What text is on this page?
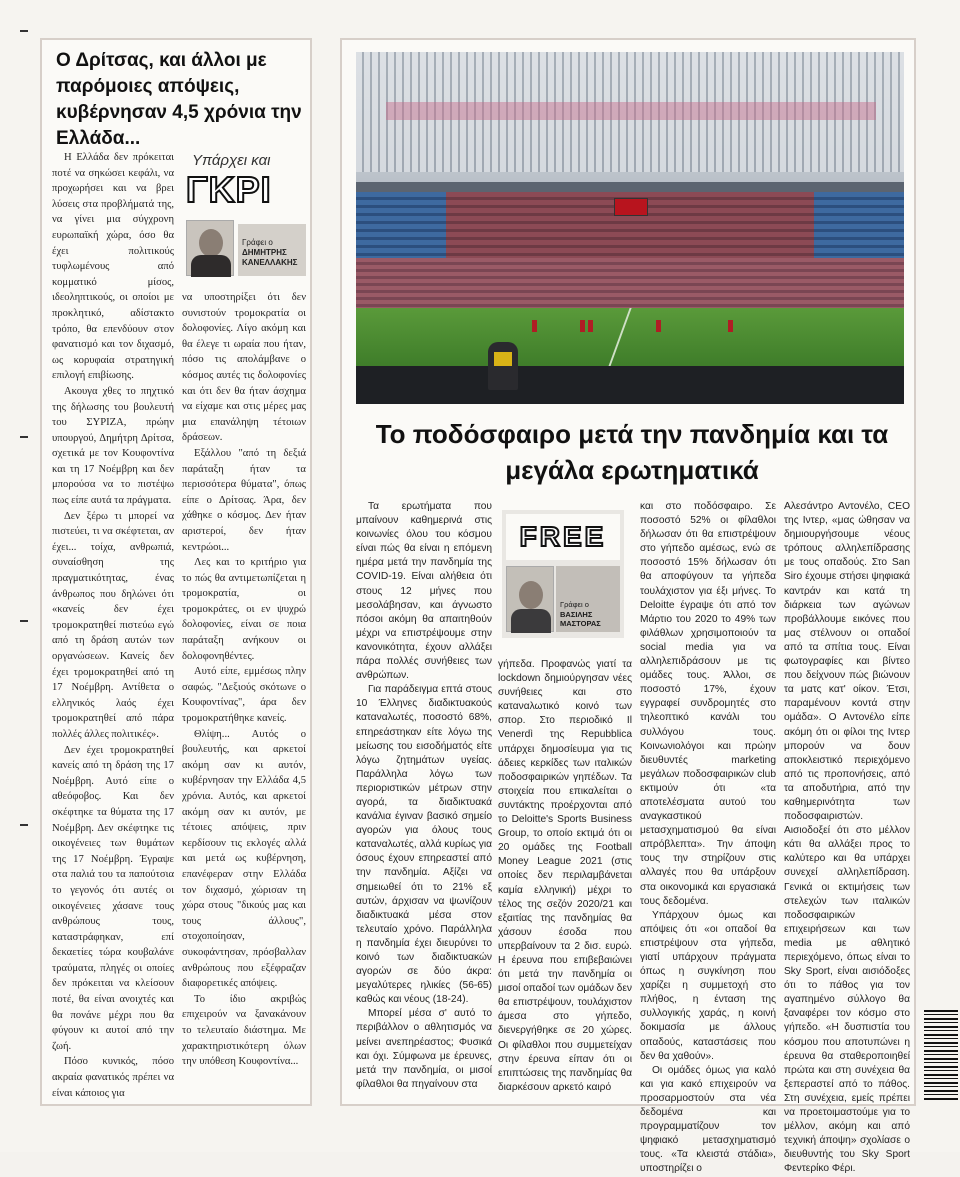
Ο Δρίτσας, και άλλοι με παρόμοιες απόψεις, κυβέρνησαν 4,5 χρόνια την Ελλάδα...

Η Ελλάδα δεν πρόκειται ποτέ να σηκώσει κεφάλι, να προχωρήσει και να βρει λύσεις στα προβλήματά της, να γίνει μια σύγχρονη ευρωπαϊκή χώρα, όσο θα έχει πολιτικούς τυφλωμένους από κομματικό μίσος, ιδεοληπτικούς, οι οποίοι με προκλητικό, αδίστακτο τρόπο, θα επενδύουν στον φανατισμό και τον διχασμό, ως κορυφαία στρατηγική επιλογή επιβίωσης.

Ακουγα χθες το πηχτικό της δήλωσης του βουλευτή του ΣΥΡΙΖΑ, πρώην υπουργού, Δημήτρη Δρίτσα, σχετικά με τον Κουφοντίνα και τη 17 Νοέμβρη και δεν μπορούσα να το πιστέψω πως είπε αυτά τα πράγματα.

Δεν ξέρω τι μπορεί να πιστεύει, τι να σκέφτεται, αν έχει... τοίχα, ανθρωπιά, συναίσθηση της πραγματικότητας, ένας άνθρωπος που δηλώνει ότι «κανείς δεν έχει τρομοκρατηθεί πιστεύω εγώ από τη δράση αυτών των οργανώσεων. Κανείς δεν έχει τρομοκρατηθεί από τη 17 Νοέμβρη. Αντίθετα ο ελληνικός λαός έχει τρομοκρατηθεί από πάρα πολλές άλλες πολιτικές».

Δεν έχει τρομοκρατηθεί κανείς από τη δράση της 17 Νοέμβρη. Αυτό είπε ο αθεόφοβος. Και δεν σκέφτηκε τα θύματα της 17 Νοέμβρη. Δεν σκέφτηκε τις οικογένειες των θυμάτων της 17 Νοέμβρη. Έγραψε στα παλιά του τα παπούτσια το γεγονός ότι αυτές οι οικογένειες χάσανε τους ανθρώπους τους, καταστράφηκαν, επί δεκαετίες τώρα κουβαλάνε τραύματα, πληγές οι οποίες δεν πρόκειται να κλείσουν ποτέ, θα είναι ανοιχτές και θα πονάνε μέχρι που θα φύγουν κι αυτοί από την ζωή.

Πόσο κυνικός, πόσο ακραία φανατικός πρέπει να είναι κάποιος για

Υπάρχει και
ΓΚΡΙ
Γράφει ο
ΔΗΜΗΤΡΗΣ ΚΑΝΕΛΛΑΚΗΣ

να υποστηρίξει ότι δεν συνιστούν τρομοκρατία οι δολοφονίες. Λίγο ακόμη και θα έλεγε τι ωραία που ήταν, πόσο τις απολάμβανε ο κόσμος αυτές τις δολοφονίες και ότι δεν θα ήταν άσχημα να είχαμε και στις μέρες μας μια επανάληψη τέτοιων δράσεων.

Εξάλλου "από τη δεξιά παράταξη ήταν τα περισσότερα θύματα", όπως είπε ο Δρίτσας. Άρα, δεν χάθηκε ο κόσμος. Δεν ήταν αριστεροί, δεν ήταν κεντρώοι...

Λες και το κριτήριο για το πώς θα αντιμετωπίζεται η τρομοκρατία, οι τρομοκράτες, οι εν ψυχρώ δολοφονίες, είναι σε ποια παράταξη ανήκουν οι δολοφονηθέντες.

Αυτό είπε, εμμέσως πλην σαφώς. "Δεξιούς σκότωνε ο Κουφοντίνας", άρα δεν τρομοκρατήθηκε κανείς.

Θλίψη... Αυτός ο βουλευτής, και αρκετοί ακόμη σαν κι αυτόν, κυβέρνησαν την Ελλάδα 4,5 χρόνια. Αυτός, και αρκετοί ακόμη σαν κι αυτόν, με τέτοιες απόψεις, πριν κερδίσουν τις εκλογές αλλά και μετά ως κυβέρνηση, επανέφεραν στην Ελλάδα τον διχασμό, χώρισαν τη χώρα στους "δικούς μας και τους άλλους", στοχοποίησαν, συκοφάντησαν, πρόσβαλλαν ανθρώπους που εξέφραζαν διαφορετικές απόψεις.

Το ίδιο ακριβώς επιχειρούν να ξανακάνουν το τελευταίο διάστημα. Με χαρακτηριστικότερη όλων την υπόθεση Κουφοντίνα...

Το ποδόσφαιρο μετά την πανδημία και τα μεγάλα ερωτηματικά

Τα ερωτήματα που μπαίνουν καθημερινά στις κοινωνίες όλου του κόσμου είναι πώς θα είναι η επόμενη ημέρα μετά την πανδημία της COVID-19. Είναι αλήθεια ότι στους 12 μήνες που μεσολάβησαν, και άγνωστο πόσοι ακόμη θα απαιτηθούν μέχρι να επιστρέψουμε στην κανονικότητα, έχουν αλλάξει πάρα πολλές συνήθειες των ανθρώπων.

Για παράδειγμα επτά στους 10 Έλληνες διαδικτυακούς καταναλωτές, ποσοστό 68%, επηρεάστηκαν είτε λόγω της μείωσης του εισοδήματός είτε λόγω ζητημάτων υγείας. Παράλληλα λόγω των περιοριστικών μέτρων στην αγορά, τα διαδικτυακά κανάλια έγιναν βασικό σημείο αγορών για όλους τους καταναλωτές, αλλά κυρίως για όσους έχουν επηρεαστεί από την πανδημία. Αξίζει να σημειωθεί ότι το 21% εξ αυτών, άρχισαν να ψωνίζουν διαδικτυακά μέσα στον τελευταίο χρόνο. Παράλληλα η πανδημία έχει διευρύνει το κοινό των διαδικτυακών αγορών σε δύο άκρα: μεγαλύτερες ηλικίες (56-65) καθώς και νέους (18-24).

Μπορεί μέσα σ' αυτό το περιβάλλον ο αθλητισμός να μείνει ανεπηρέαστος; Φυσικά και όχι. Σύμφωνα με έρευνες, μετά την πανδημία, οι μισοί φίλαθλοι θα πηγαίνουν στα

FREE
Γράφει ο
ΒΑΣΙΛΗΣ ΜΑΣΤΟΡΑΣ

γήπεδα. Προφανώς γιατί τα lockdown δημιούργησαν νέες συνήθειες και στο καταναλωτικό κοινό των σπορ. Στο περιοδικό Il Venerdì της Repubblica υπάρχει δημοσίευμα για τις άδειες κερκίδες των ιταλικών ποδοσφαιρικών γηπέδων. Τα στοιχεία που επικαλείται ο συντάκτης προέρχονται από το Deloitte's Sports Business Group, το οποίο εκτιμά ότι οι 20 ομάδες της Football Money League 2021 (στις οποίες δεν περιλαμβάνεται καμία ελληνική) μέχρι το τέλος της σεζόν 2020/21 και εξαιτίας της πανδημίας θα χάσουν έσοδα που υπερβαίνουν τα 2 δισ. ευρώ. Η έρευνα που επιβεβαιώνει ότι μετά την πανδημία οι μισοί οπαδοί των ομάδων δεν θα επιστρέψουν, τουλάχιστον άμεσα στο γήπεδο, διενεργήθηκε σε 20 χώρες. Οι φίλαθλοι που συμμετείχαν στην έρευνα είπαν ότι οι επιπτώσεις της πανδημίας θα διαρκέσουν αρκετό καιρό

και στο ποδόσφαιρο. Σε ποσοστό 52% οι φίλαθλοι δήλωσαν ότι θα επιστρέψουν στο γήπεδο αμέσως, ενώ σε ποσοστό 15% δήλωσαν ότι θα αποφύγουν τα γήπεδα τουλάχιστον για έξι μήνες. Το Deloitte έγραψε ότι από τον Μάρτιο του 2020 το 49% των φιλάθλων χρησιμοποιούν τα social media για να αλληλεπιδράσουν με τις ομάδες τους. Άλλοι, σε ποσοστό 17%, έχουν εγγραφεί συνδρομητές στο τηλεοπτικό κανάλι του συλλόγου τους. Κοινωνιολόγοι και πρώην διευθυντές marketing μεγάλων ποδοσφαιρικών club εκτιμούν ότι «τα αποτελέσματα αυτού του αναγκαστικού μετασχηματισμού θα είναι απρόβλεπτα». Την άποψη τους την στηρίζουν στις αλλαγές που θα υπάρξουν στα οικονομικά και εργασιακά τους δεδομένα.

Υπάρχουν όμως και απόψεις ότι «οι οπαδοί θα επιστρέψουν στα γήπεδα, γιατί υπάρχουν πράγματα όπως η συγκίνηση που χαρίζει η συμμετοχή στο πλήθος, η ένταση της συλλογικής χαράς, η κοινή δοκιμασία με άλλους οπαδούς, καταστάσεις που δεν θα χαθούν».

Οι ομάδες όμως για καλό και για κακό επιχειρούν να προσαρμοστούν στα νέα δεδομένα και προγραμματίζουν τον ψηφιακό μετασχηματισμό τους. «Τα κλειστά στάδια», υποστηρίζει ο

Αλεσάντρο Αντονέλο, CEO της Ιντερ, «μας ώθησαν να δημιουργήσουμε νέους τρόπους αλληλεπίδρασης με τους οπαδούς. Στο San Siro έχουμε στήσει ψηφιακά καντράν και κατά τη διάρκεια των αγώνων προβάλλουμε εικόνες που μας στέλνουν οι οπαδοί από τα σπίτια τους. Είναι φωτογραφίες και βίντεο που δείχνουν πώς βιώνουν τα ματς κατ' οίκον. Έτσι, παραμένουν κοντά στην ομάδα». Ο Αντονέλο είπε ακόμη ότι οι φίλοι της Ιντερ μπορούν να δουν αποκλειστικό περιεχόμενο από τις προπονήσεις, από τα αποδυτήρια, από την καθημερινότητα των ποδοσφαιριστών. Αισιοδοξεί ότι στο μέλλον κάτι θα αλλάξει προς το καλύτερο και θα υπάρχει συνεχεί αλληλεπίδραση. Γενικά οι εκτιμήσεις των στελεχών των ιταλικών ποδοσφαιρικών επιχειρήσεων και των media με αθλητικό περιεχόμενο, όπως είναι το Sky Sport, είναι αισιόδοξες ότι το πάθος για τον αγαπημένο σύλλογο θα ξαναφέρει τον κόσμο στο γήπεδο. «Η δυσπιστία του κόσμου που αποτυπώνει η έρευνα θα σταθεροποιηθεί πρώτα και στη συνέχεια θα ξεπεραστεί από το πάθος. Στη συνέχεια, εμείς πρέπει να προετοιμαστούμε για το μέλλον, ακόμη και από τεχνική άποψη» σχολίασε ο διευθυντής του Sky Sport Φεντερίκο Φέρι.
